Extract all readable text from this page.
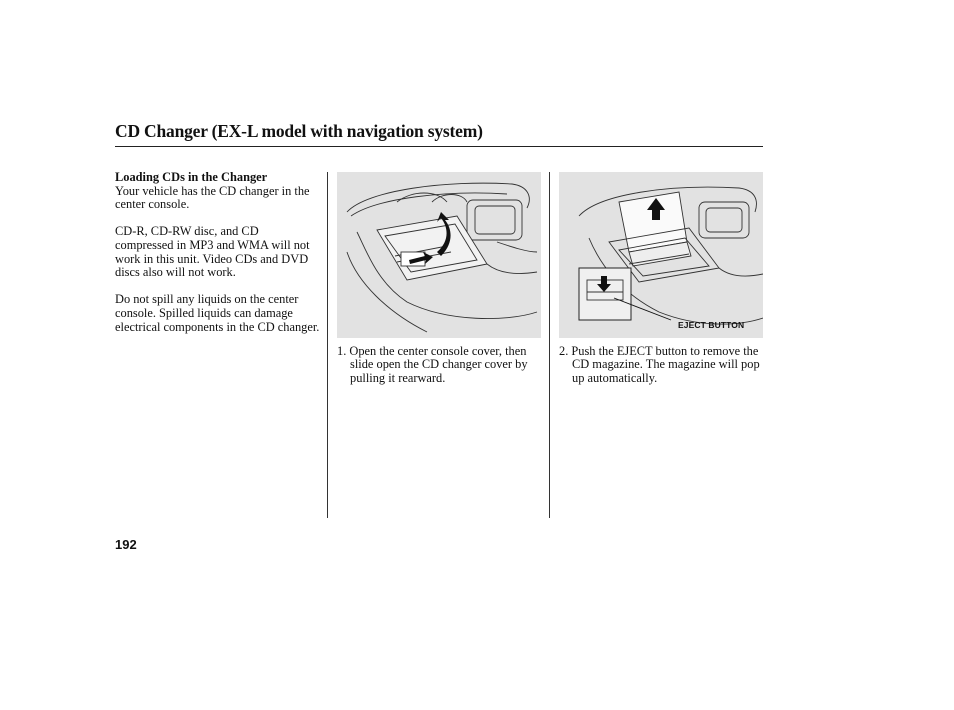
CD Changer (EX-L model with navigation system)
Loading CDs in the Changer

Your vehicle has the CD changer in the center console.

CD-R, CD-RW disc, and CD compressed in MP3 and WMA will not work in this unit. Video CDs and DVD discs also will not work.

Do not spill any liquids on the center console. Spilled liquids can damage electrical components in the CD changer.	EJECT BUTTON

1. Open the center console cover, then slide open the CD changer cover by pulling it rearward.

2. Push the EJECT button to remove the CD magazine. The magazine will pop up automatically.

192
